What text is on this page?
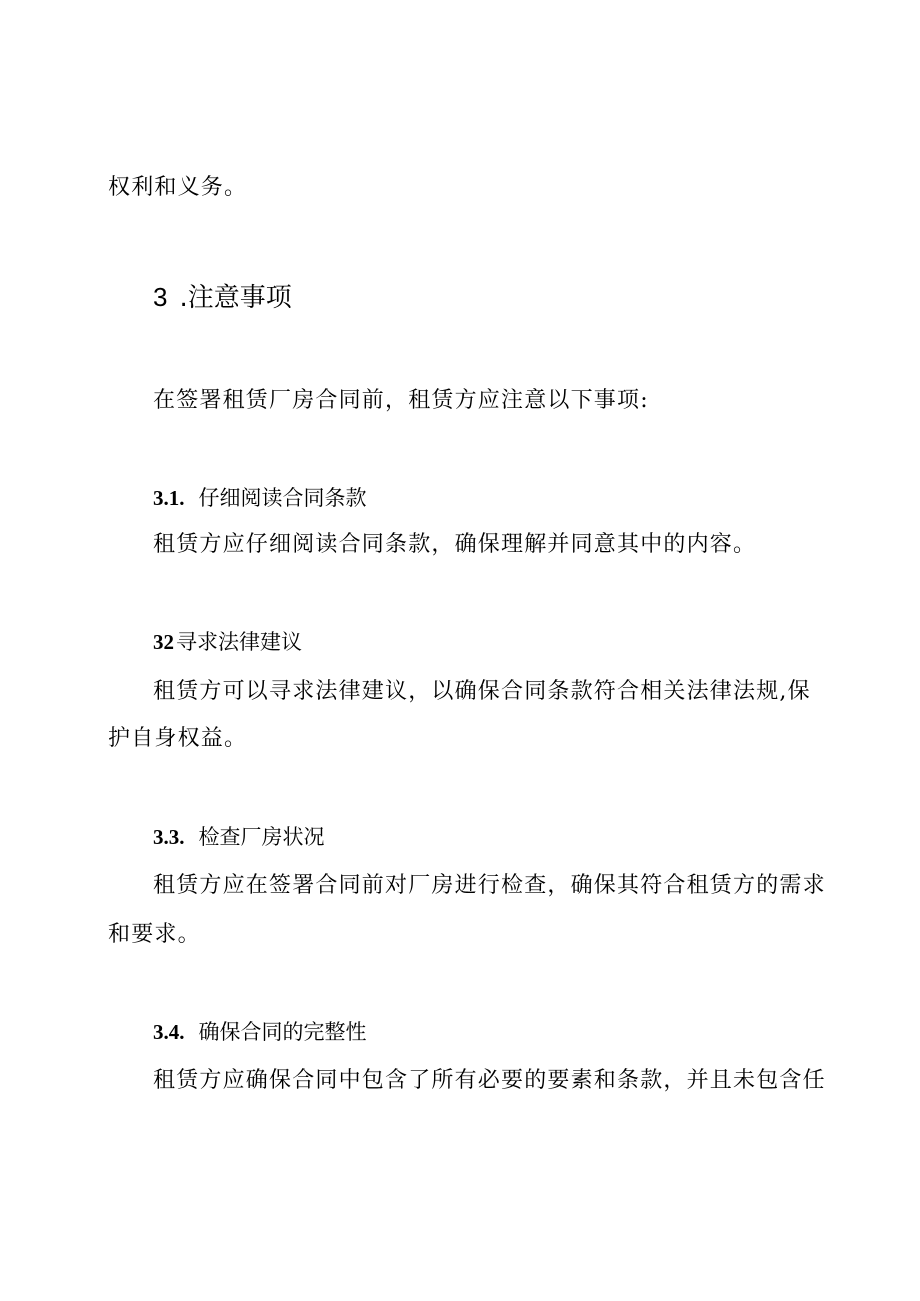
权利和义务。
3 .注意事项
在签署租赁厂房合同前，租赁方应注意以下事项:
3.1. 仔细阅读合同条款
租赁方应仔细阅读合同条款，确保理解并同意其中的内容。
32寻求法律建议
租赁方可以寻求法律建议，以确保合同条款符合相关法律法规,保
护自身权益。
3.3. 检查厂房状况
租赁方应在签署合同前对厂房进行检查，确保其符合租赁方的需求
和要求。
3.4. 确保合同的完整性
租赁方应确保合同中包含了所有必要的要素和条款，并且未包含任
